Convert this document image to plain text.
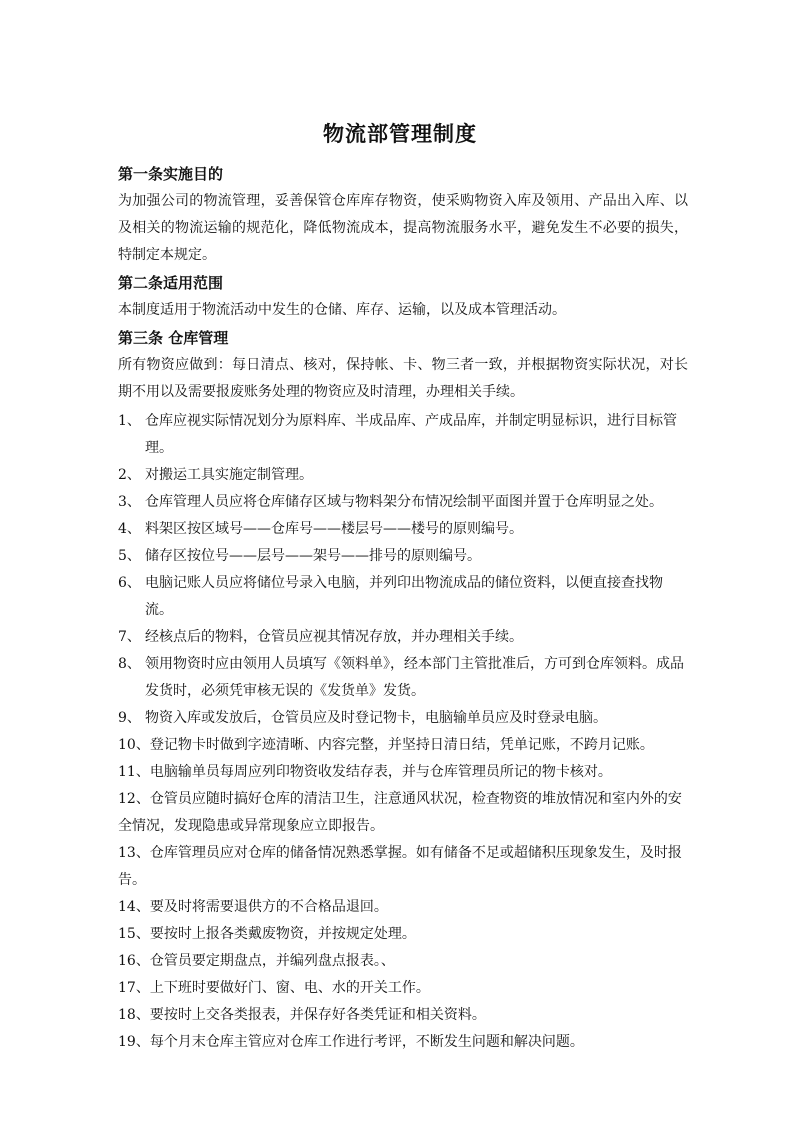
物流部管理制度

第一条实施目的

为加强公司的物流管理，妥善保管仓库库存物资，使采购物资入库及领用、产品出入库、以及相关的物流运输的规范化，降低物流成本，提高物流服务水平，避免发生不必要的损失，特制定本规定。

第二条适用范围

本制度适用于物流活动中发生的仓储、库存、运输，以及成本管理活动。

第三条 仓库管理

所有物资应做到：每日清点、核对，保持帐、卡、物三者一致，并根据物资实际状况，对长期不用以及需要报废账务处理的物资应及时清理，办理相关手续。

1、 仓库应视实际情况划分为原料库、半成品库、产成品库，并制定明显标识，进行目标管理。
2、 对搬运工具实施定制管理。
3、 仓库管理人员应将仓库储存区域与物料架分布情况绘制平面图并置于仓库明显之处。
4、 料架区按区域号——仓库号——楼层号——楼号的原则编号。
5、 储存区按位号——层号——架号——排号的原则编号。
6、 电脑记账人员应将储位号录入电脑，并列印出物流成品的储位资料，以便直接查找物流。
7、 经核点后的物料，仓管员应视其情况存放，并办理相关手续。
8、 领用物资时应由领用人员填写《领料单》，经本部门主管批准后，方可到仓库领料。成品发货时，必须凭审核无误的《发货单》发货。
9、 物资入库或发放后，仓管员应及时登记物卡，电脑输单员应及时登录电脑。
10、登记物卡时做到字迹清晰、内容完整，并坚持日清日结，凭单记账，不跨月记账。
11、电脑输单员每周应列印物资收发结存表，并与仓库管理员所记的物卡核对。
12、仓管员应随时搞好仓库的清洁卫生，注意通风状况，检查物资的堆放情况和室内外的安全情况，发现隐患或异常现象应立即报告。
13、仓库管理员应对仓库的储备情况熟悉掌握。如有储备不足或超储积压现象发生，及时报告。
14、要及时将需要退供方的不合格品退回。
15、要按时上报各类戴废物资，并按规定处理。
16、仓管员要定期盘点，并编列盘点报表。、
17、上下班时要做好门、窗、电、水的开关工作。
18、要按时上交各类报表，并保存好各类凭证和相关资料。
19、每个月末仓库主管应对仓库工作进行考评，不断发生问题和解决问题。
